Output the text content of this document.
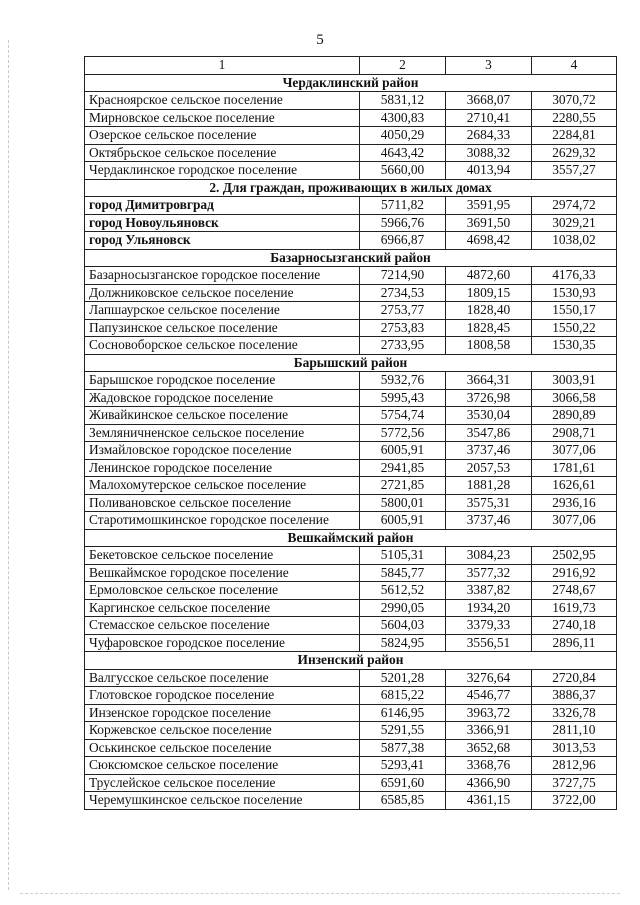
5
1	2	3	4
Чердаклинский район			
Красноярское сельское поселение	5831,12	3668,07	3070,72
Мирновское сельское поселение	4300,83	2710,41	2280,55
Озерское сельское поселение	4050,29	2684,33	2284,81
Октябрьское сельское поселение	4643,42	3088,32	2629,32
Чердаклинское городское поселение	5660,00	4013,94	3557,27
2. Для граждан, проживающих в жилых домах			
город Димитровград	5711,82	3591,95	2974,72
город Новоульяновск	5966,76	3691,50	3029,21
город Ульяновск	6966,87	4698,42	1038,02
Базарносызганский район			
Базарносызганское городское поселение	7214,90	4872,60	4176,33
Должниковское сельское поселение	2734,53	1809,15	1530,93
Лапшаурское сельское поселение	2753,77	1828,40	1550,17
Папузинское сельское поселение	2753,83	1828,45	1550,22
Сосновоборское сельское поселение	2733,95	1808,58	1530,35
Барышский район			
Барышское городское поселение	5932,76	3664,31	3003,91
Жадовское городское поселение	5995,43	3726,98	3066,58
Живайкинское сельское поселение	5754,74	3530,04	2890,89
Земляничненское сельское поселение	5772,56	3547,86	2908,71
Измайловское городское поселение	6005,91	3737,46	3077,06
Ленинское городское поселение	2941,85	2057,53	1781,61
Малохомутерское сельское поселение	2721,85	1881,28	1626,61
Поливановское сельское поселение	5800,01	3575,31	2936,16
Старотимошкинское городское поселение	6005,91	3737,46	3077,06
Вешкаймский район			
Бекетовское сельское поселение	5105,31	3084,23	2502,95
Вешкаймское городское поселение	5845,77	3577,32	2916,92
Ермоловское сельское поселение	5612,52	3387,82	2748,67
Каргинское сельское поселение	2990,05	1934,20	1619,73
Стемасское сельское поселение	5604,03	3379,33	2740,18
Чуфаровское городское поселение	5824,95	3556,51	2896,11
Инзенский район			
Валгусское сельское поселение	5201,28	3276,64	2720,84
Глотовское городское поселение	6815,22	4546,77	3886,37
Инзенское городское поселение	6146,95	3963,72	3326,78
Коржевское сельское поселение	5291,55	3366,91	2811,10
Оськинское сельское поселение	5877,38	3652,68	3013,53
Сюксюмское сельское поселение	5293,41	3368,76	2812,96
Труслейское сельское поселение	6591,60	4366,90	3727,75
Черемушкинское сельское поселение	6585,85	4361,15	3722,00
